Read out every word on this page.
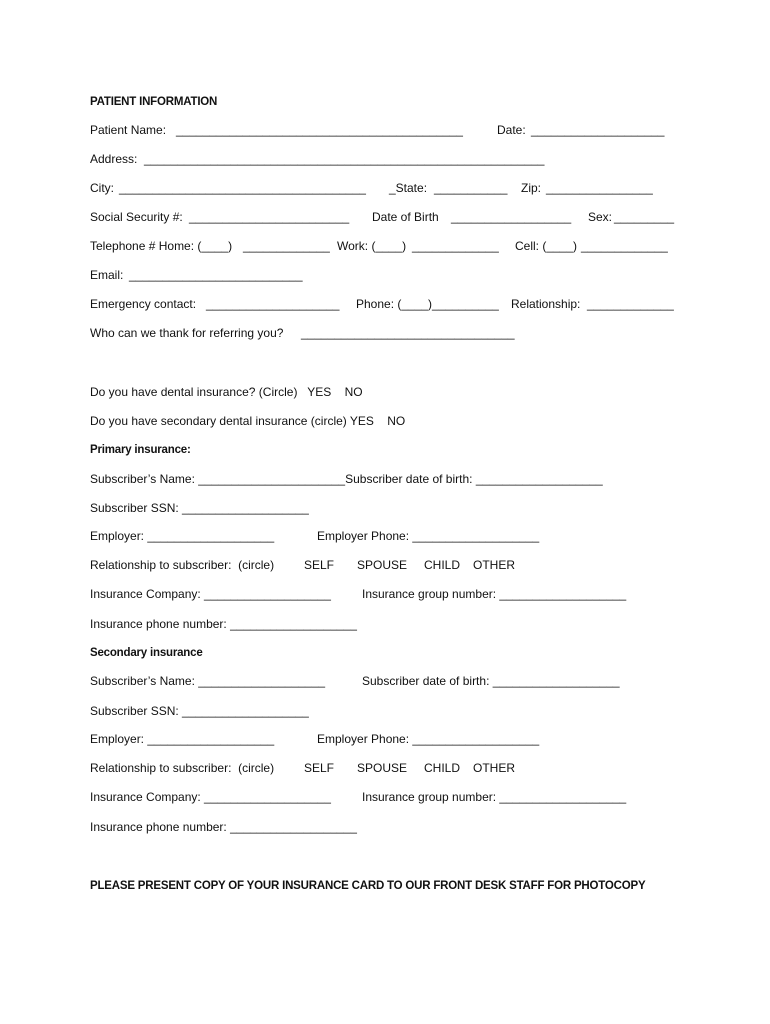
PATIENT INFORMATION
Patient Name: ___________________________________________	Date: ____________________
Address: ____________________________________________________________
City: _____________________________________ _State: ___________ Zip: ________________
Social Security #: ________________________ Date of Birth __________________ Sex: _________
Telephone # Home: (____) _____________ Work: (____) _____________ Cell: (____) _____________
Email: __________________________
Emergency contact: ____________________ Phone: (____)__________ Relationship: _____________
Who can we thank for referring you? ________________________________
Do you have dental insurance? (Circle)   YES    NO
Do you have secondary dental insurance (circle) YES    NO
Primary insurance:
Subscriber’s Name: ______________________Subscriber date of birth: ___________________
Subscriber SSN: ___________________
Employer: ___________________	Employer Phone: ___________________
Relationship to subscriber:  (circle) SELF SPOUSE CHILD OTHER
Insurance Company: ___________________	Insurance group number: ___________________
Insurance phone number: ___________________
Secondary insurance
Subscriber’s Name: ___________________	Subscriber date of birth: ___________________
Subscriber SSN: ___________________
Employer: ___________________	Employer Phone: ___________________
Relationship to subscriber:  (circle) SELF SPOUSE CHILD OTHER
Insurance Company: ___________________	Insurance group number: ___________________
Insurance phone number: ___________________
PLEASE PRESENT COPY OF YOUR INSURANCE CARD TO OUR FRONT DESK STAFF FOR PHOTOCOPY
